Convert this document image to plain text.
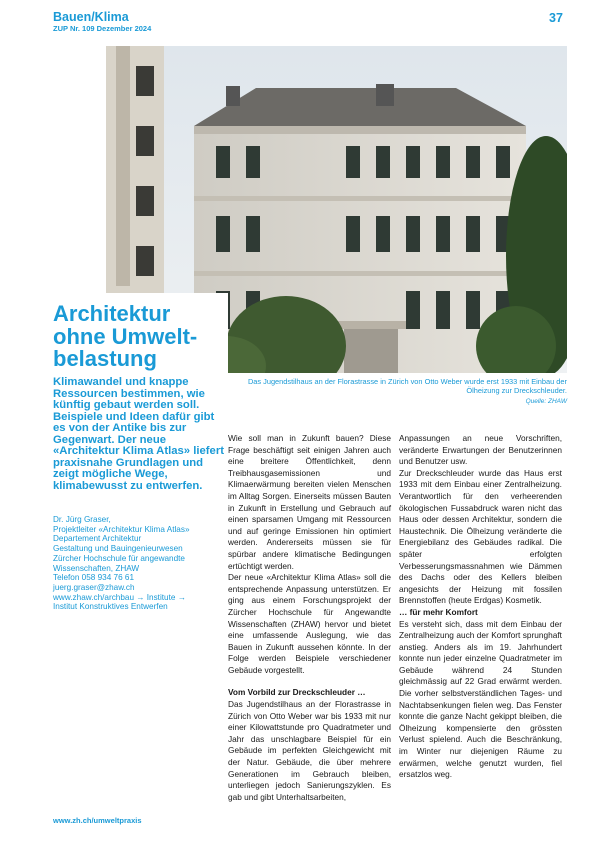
Bauen/Klima
ZUP Nr. 109 Dezember 2024
37
Das Jugendstilhaus an der Florastrasse in Zürich von Otto Weber wurde erst 1933 mit Einbau der Ölheizung zur Dreckschleuder.
Quelle: ZHAW
Architektur ohne Umweltbelastung

Klimawandel und knappe Ressourcen bestimmen, wie künftig gebaut werden soll. Beispiele und Ideen dafür gibt es von der Antike bis zur Gegenwart. Der neue «Architektur Klima Atlas» liefert praxisnahe Grundlagen und zeigt mögliche Wege, klimabewusst zu entwerfen.

Dr. Jürg Graser,
Projektleiter «Architektur Klima Atlas»
Departement Architektur
Gestaltung und Bauingenieurwesen
Zürcher Hochschule für angewandte
Wissenschaften, ZHAW
Telefon 058 934 76 61
juerg.graser@zhaw.ch
www.zhaw.ch/archbau → Institute →
Institut Konstruktives Entwerfen

Wie soll man in Zukunft bauen? Diese Frage beschäftigt seit einigen Jahren auch eine breitere Öffentlichkeit, denn Treibhausgasemissionen und Klimaerwärmung bereiten vielen Menschen im Alltag Sorgen. Einerseits müssen Bauten in Zukunft in Erstellung und Gebrauch auf einen sparsamen Umgang mit Ressourcen und auf geringe Emissionen hin optimiert werden. Andererseits müssen sie für spürbar andere klimatische Bedingungen ertüchtigt werden.

Der neue «Architektur Klima Atlas» soll die entsprechende Anpassung unterstützen. Er ging aus einem Forschungsprojekt der Zürcher Hochschule für Angewandte Wissenschaften (ZHAW) hervor und bietet eine umfassende Auslegung, wie das Bauen in Zukunft aussehen könnte. In der Folge werden Beispiele verschiedener Gebäude vorgestellt.

Vom Vorbild zur Dreckschleuder …

Das Jugendstilhaus an der Florastrasse in Zürich von Otto Weber war bis 1933 mit nur einer Kilowattstunde pro Quadratmeter und Jahr das unschlagbare Beispiel für ein Gebäude im perfekten Gleichgewicht mit der Natur. Gebäude, die über mehrere Generationen im Gebrauch bleiben, unterliegen jedoch Sanierungszyklen. Es gab und gibt Unterhaltsarbeiten,

Anpassungen an neue Vorschriften, veränderte Erwartungen der Benutzerinnen und Benutzer usw.

Zur Dreckschleuder wurde das Haus erst 1933 mit dem Einbau einer Zentralheizung. Verantwortlich für den verheerenden ökologischen Fussabdruck waren nicht das Haus oder dessen Architektur, sondern die Haustechnik. Die Ölheizung veränderte die Energiebilanz des Gebäudes radikal. Die später erfolgten Verbesserungsmassnahmen wie Dämmen des Dachs oder des Kellers bleiben angesichts der Heizung mit fossilen Brennstoffen (heute Erdgas) Kosmetik.

… für mehr Komfort

Es versteht sich, dass mit dem Einbau der Zentralheizung auch der Komfort sprunghaft anstieg. Anders als im 19. Jahrhundert konnte nun jeder einzelne Quadratmeter im Gebäude während 24 Stunden gleichmässig auf 22 Grad erwärmt werden. Die vorher selbstverständlichen Tages- und Nachtabsenkungen fielen weg. Das Fenster konnte die ganze Nacht gekippt bleiben, die Ölheizung kompensierte den grössten Verlust spielend. Auch die Beschränkung, im Winter nur diejenigen Räume zu erwärmen, welche genutzt wurden, fiel ersatzlos weg.

www.zh.ch/umweltpraxis
